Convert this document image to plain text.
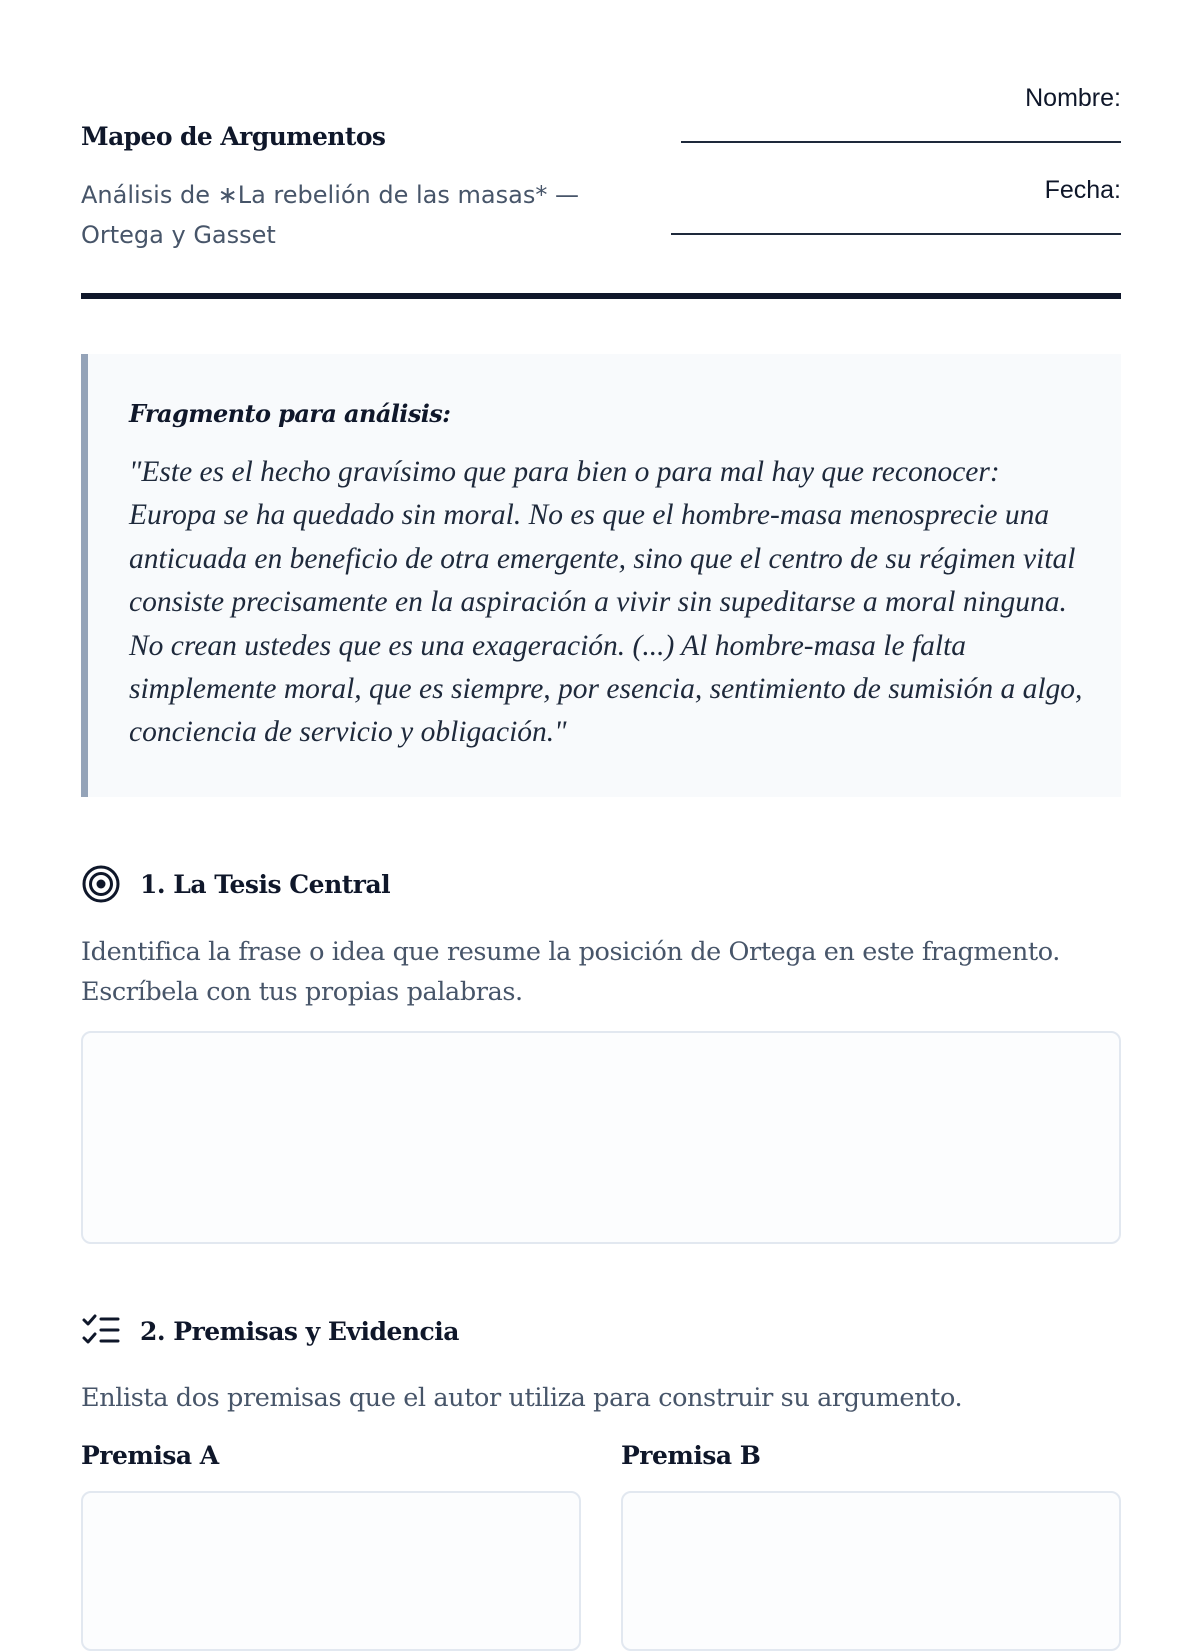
Mapeo de Argumentos
Análisis de ∗La rebelión de las masas* — Ortega y Gasset
Nombre:
Fecha:
Fragmento para análisis:
"Este es el hecho gravísimo que para bien o para mal hay que reconocer: Europa se ha quedado sin moral. No es que el hombre-masa menosprecie una anticuada en beneficio de otra emergente, sino que el centro de su régimen vital consiste precisamente en la aspiración a vivir sin supeditarse a moral ninguna. No crean ustedes que es una exageración. (...) Al hombre-masa le falta simplemente moral, que es siempre, por esencia, sentimiento de sumisión a algo, conciencia de servicio y obligación."
1. La Tesis Central
Identifica la frase o idea que resume la posición de Ortega en este fragmento. Escríbela con tus propias palabras.
2. Premisas y Evidencia
Enlista dos premisas que el autor utiliza para construir su argumento.
Premisa A	Premisa B
